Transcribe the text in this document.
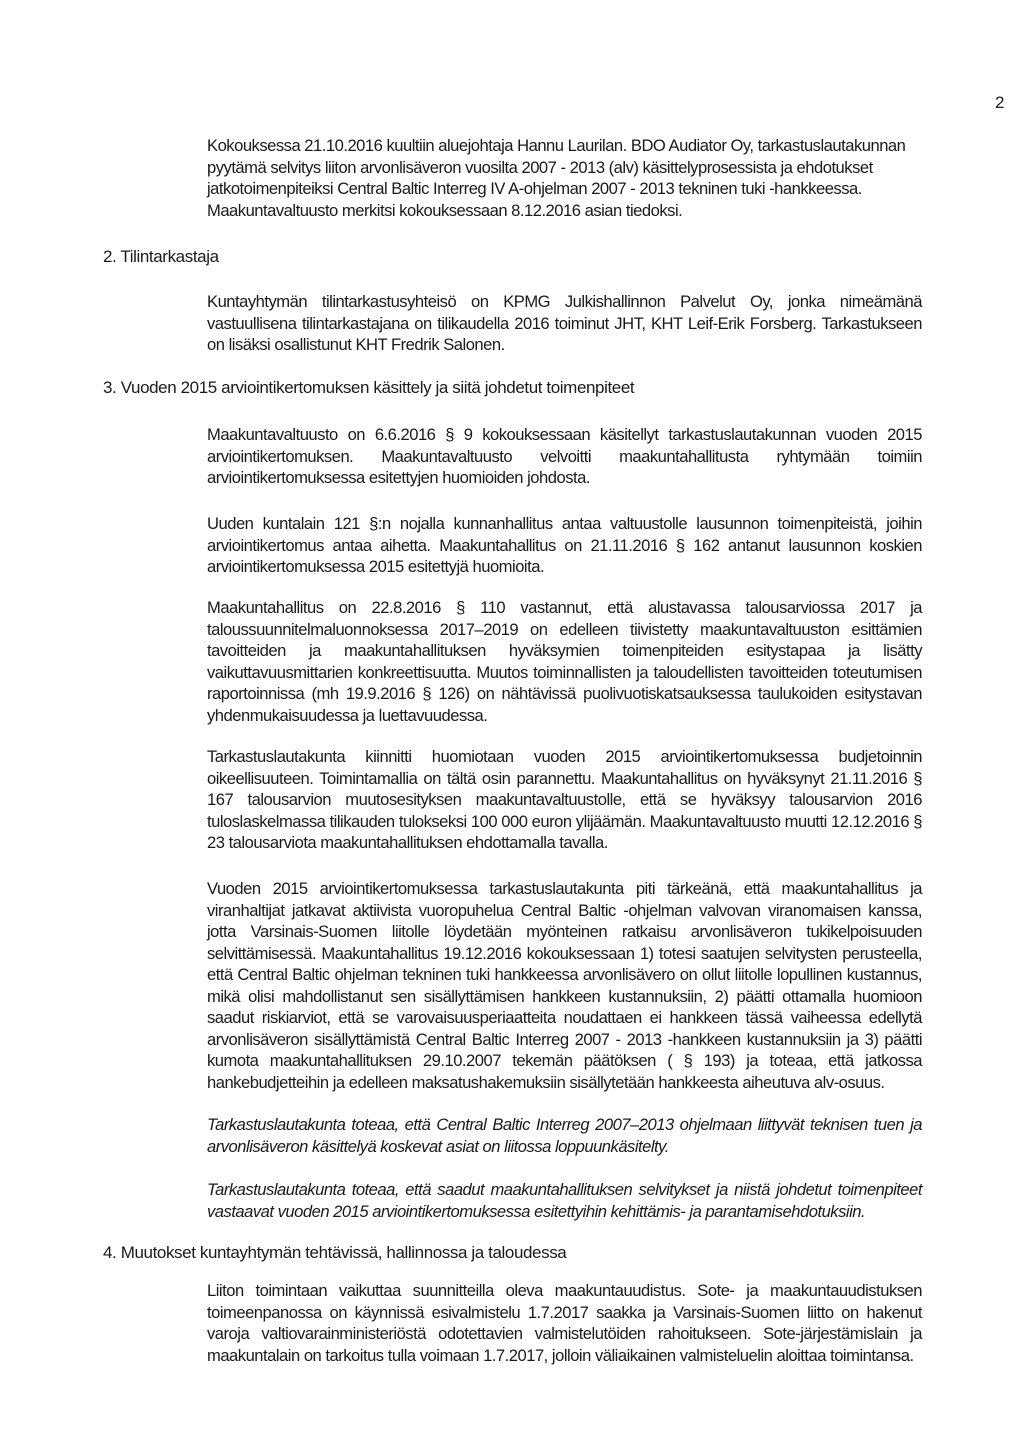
2
Kokouksessa 21.10.2016 kuultiin aluejohtaja Hannu Laurilan. BDO Audiator Oy, tarkastuslautakunnan pyytämä selvitys liiton arvonlisäveron vuosilta 2007 - 2013 (alv) käsittelyprosessista ja ehdotukset jatkotoimenpiteiksi Central Baltic Interreg IV A-ohjelman 2007 - 2013 tekninen tuki -hankkeessa. Maakuntavaltuusto merkitsi kokouksessaan 8.12.2016 asian tiedoksi.
2. Tilintarkastaja
Kuntayhtymän tilintarkastusyhteisö on KPMG Julkishallinnon Palvelut Oy, jonka nimeämänä vastuullisena tilintarkastajana on tilikaudella 2016 toiminut JHT, KHT Leif-Erik Forsberg. Tarkastukseen on lisäksi osallistunut KHT Fredrik Salonen.
3. Vuoden 2015 arviointikertomuksen käsittely ja siitä johdetut toimenpiteet
Maakuntavaltuusto on 6.6.2016 § 9 kokouksessaan käsitellyt tarkastuslautakunnan vuoden 2015 arviointikertomuksen. Maakuntavaltuusto velvoitti maakuntahallitusta ryhtymään toimiin arviointikertomuksessa esitettyjen huomioiden johdosta.
Uuden kuntalain 121 §:n nojalla kunnanhallitus antaa valtuustolle lausunnon toimenpiteistä, joihin arviointikertomus antaa aihetta. Maakuntahallitus on 21.11.2016 § 162 antanut lausunnon koskien arviointikertomuksessa 2015 esitettyjä huomioita.
Maakuntahallitus on 22.8.2016 § 110 vastannut, että alustavassa talousarviossa 2017 ja taloussuunnitelmaluonnoksessa 2017–2019 on edelleen tiivistetty maakuntavaltuuston esittämien tavoitteiden ja maakuntahallituksen hyväksymien toimenpiteiden esitystapaa ja lisätty vaikuttavuusmittarien konkreettisuutta. Muutos toiminnallisten ja taloudellisten tavoitteiden toteutumisen raportoinnissa (mh 19.9.2016 § 126) on nähtävissä puolivuotiskatsauksessa taulukoiden esitystavan yhdenmukaisuudessa ja luettavuudessa.
Tarkastuslautakunta kiinnitti huomiotaan vuoden 2015 arviointikertomuksessa budjetoinnin oikeellisuuteen. Toimintamallia on tältä osin parannettu. Maakuntahallitus on hyväksynyt 21.11.2016 § 167 talousarvion muutosesityksen maakuntavaltuustolle, että se hyväksyy talousarvion 2016 tuloslaskelmassa tilikauden tulokseksi 100 000 euron ylijäämän. Maakuntavaltuusto muutti 12.12.2016 § 23 talousarviota maakuntahallituksen ehdottamalla tavalla.
Vuoden 2015 arviointikertomuksessa tarkastuslautakunta piti tärkeänä, että maakuntahallitus ja viranhaltijat jatkavat aktiivista vuoropuhelua Central Baltic -ohjelman valvovan viranomaisen kanssa, jotta Varsinais-Suomen liitolle löydetään myönteinen ratkaisu arvonlisäveron tukikelpoisuuden selvittämisessä. Maakuntahallitus 19.12.2016 kokouksessaan 1) totesi saatujen selvitysten perusteella, että Central Baltic ohjelman tekninen tuki hankkeessa arvonlisävero on ollut liitolle lopullinen kustannus, mikä olisi mahdollistanut sen sisällyttämisen hankkeen kustannuksiin, 2) päätti ottamalla huomioon saadut riskiarviot, että se varovaisuusperiaatteita noudattaen ei hankkeen tässä vaiheessa edellytä arvonlisäveron sisällyttämistä Central Baltic Interreg 2007 - 2013 -hankkeen kustannuksiin ja 3) päätti kumota maakuntahallituksen 29.10.2007 tekemän päätöksen ( § 193) ja toteaa, että jatkossa hankebudjetteihin ja edelleen maksatushakemuksiin sisällytetään hankkeesta aiheutuva alv-osuus.
Tarkastuslautakunta toteaa, että Central Baltic Interreg 2007–2013 ohjelmaan liittyvät teknisen tuen ja arvonlisäveron käsittelyä koskevat asiat on liitossa loppuunkäsitelty.
Tarkastuslautakunta toteaa, että saadut maakuntahallituksen selvitykset ja niistä johdetut toimenpiteet vastaavat vuoden 2015 arviointikertomuksessa esitettyihin kehittämis- ja parantamisehdotuksiin.
4. Muutokset kuntayhtymän tehtävissä, hallinnossa ja taloudessa
Liiton toimintaan vaikuttaa suunnitteilla oleva maakuntauudistus. Sote- ja maakuntauudistuksen toimeenpanossa on käynnissä esivalmistelu 1.7.2017 saakka ja Varsinais-Suomen liitto on hakenut varoja valtiovarainministeriöstä odotettavien valmistelutöiden rahoitukseen. Sote-järjestämislain ja maakuntalain on tarkoitus tulla voimaan 1.7.2017, jolloin väliaikainen valmisteluelin aloittaa toimintansa.
